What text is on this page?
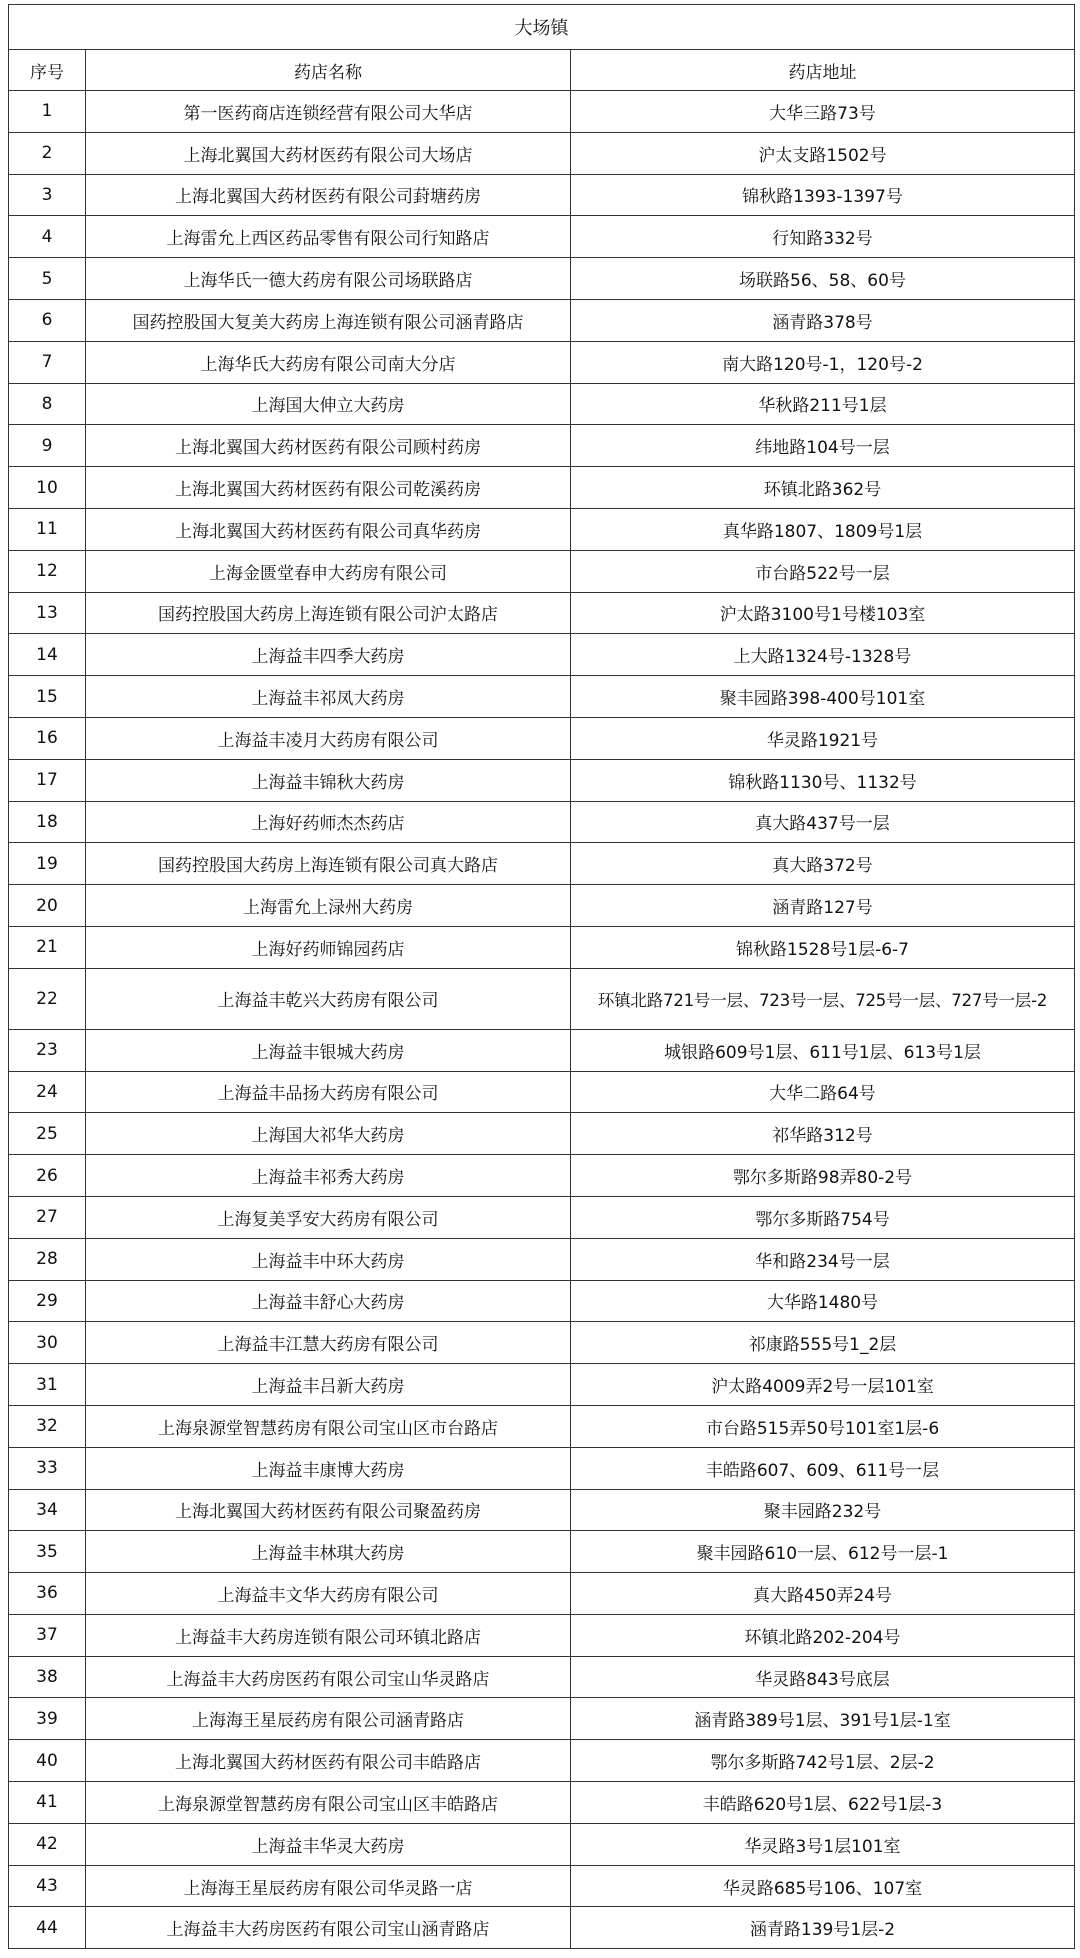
大场镇		
序号	药店名称	药店地址
1	第一医药商店连锁经营有限公司大华店	大华三路73号
2	上海北翼国大药材医药有限公司大场店	沪太支路1502号
3	上海北翼国大药材医药有限公司葑塘药房	锦秋路1393-1397号
4	上海雷允上西区药品零售有限公司行知路店	行知路332号
5	上海华氏一德大药房有限公司场联路店	场联路56、58、60号
6	国药控股国大复美大药房上海连锁有限公司涵青路店	涵青路378号
7	上海华氏大药房有限公司南大分店	南大路120号-1，120号-2
8	上海国大伸立大药房	华秋路211号1层
9	上海北翼国大药材医药有限公司顾村药房	纬地路104号一层
10	上海北翼国大药材医药有限公司乾溪药房	环镇北路362号
11	上海北翼国大药材医药有限公司真华药房	真华路1807、1809号1层
12	上海金匮堂春申大药房有限公司	市台路522号一层
13	国药控股国大药房上海连锁有限公司沪太路店	沪太路3100号1号楼103室
14	上海益丰四季大药房	上大路1324号-1328号
15	上海益丰祁凤大药房	聚丰园路398-400号101室
16	上海益丰凌月大药房有限公司	华灵路1921号
17	上海益丰锦秋大药房	锦秋路1130号、1132号
18	上海好药师杰杰药店	真大路437号一层
19	国药控股国大药房上海连锁有限公司真大路店	真大路372号
20	上海雷允上渌州大药房	涵青路127号
21	上海好药师锦园药店	锦秋路1528号1层-6-7
22	上海益丰乾兴大药房有限公司	环镇北路721号一层、723号一层、725号一层、727号一层-2
23	上海益丰银城大药房	城银路609号1层、611号1层、613号1层
24	上海益丰品扬大药房有限公司	大华二路64号
25	上海国大祁华大药房	祁华路312号
26	上海益丰祁秀大药房	鄂尔多斯路98弄80-2号
27	上海复美孚安大药房有限公司	鄂尔多斯路754号
28	上海益丰中环大药房	华和路234号一层
29	上海益丰舒心大药房	大华路1480号
30	上海益丰江慧大药房有限公司	祁康路555号1_2层
31	上海益丰吕新大药房	沪太路4009弄2号一层101室
32	上海泉源堂智慧药房有限公司宝山区市台路店	市台路515弄50号101室1层-6
33	上海益丰康博大药房	丰皓路607、609、611号一层
34	上海北翼国大药材医药有限公司聚盈药房	聚丰园路232号
35	上海益丰林琪大药房	聚丰园路610一层、612号一层-1
36	上海益丰文华大药房有限公司	真大路450弄24号
37	上海益丰大药房连锁有限公司环镇北路店	环镇北路202-204号
38	上海益丰大药房医药有限公司宝山华灵路店	华灵路843号底层
39	上海海王星辰药房有限公司涵青路店	涵青路389号1层、391号1层-1室
40	上海北翼国大药材医药有限公司丰皓路店	鄂尔多斯路742号1层、2层-2
41	上海泉源堂智慧药房有限公司宝山区丰皓路店	丰皓路620号1层、622号1层-3
42	上海益丰华灵大药房	华灵路3号1层101室
43	上海海王星辰药房有限公司华灵路一店	华灵路685号106、107室
44	上海益丰大药房医药有限公司宝山涵青路店	涵青路139号1层-2
